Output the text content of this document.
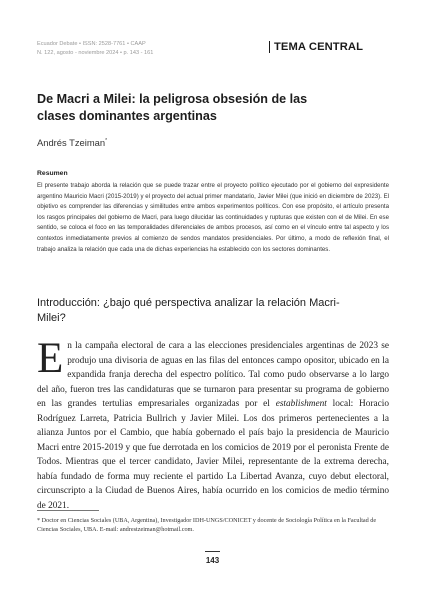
Ecuador Debate • ISSN: 2528-7761 • CAAP
N. 122, agosto - noviembre 2024 • p. 143 - 161	TEMA CENTRAL
De Macri a Milei: la peligrosa obsesión de las clases dominantes argentinas
Andrés Tzeiman*
Resumen
El presente trabajo aborda la relación que se puede trazar entre el proyecto político ejecutado por el gobierno del expresidente argentino Mauricio Macri (2015-2019) y el proyecto del actual primer mandatario, Javier Milei (que inició en diciembre de 2023). El objetivo es comprender las diferencias y similitudes entre ambos experimentos políticos. Con ese propósito, el artículo presenta los rasgos principales del gobierno de Macri, para luego dilucidar las continuidades y rupturas que existen con el de Milei. En ese sentido, se coloca el foco en las temporalidades diferenciales de ambos procesos, así como en el vínculo entre tal aspecto y los contextos inmediatamente previos al comienzo de sendos mandatos presidenciales. Por último, a modo de reflexión final, el trabajo analiza la relación que cada una de dichas experiencias ha establecido con los sectores dominantes.
Introducción: ¿bajo qué perspectiva analizar la relación Macri-Milei?
En la campaña electoral de cara a las elecciones presidenciales argentinas de 2023 se produjo una divisoria de aguas en las filas del entonces campo opositor, ubicado en la expandida franja derecha del espectro político. Tal como pudo observarse a lo largo del año, fueron tres las candidaturas que se turnaron para presentar su programa de gobierno en las grandes tertulias empresariales organizadas por el establishment local: Horacio Rodríguez Larreta, Patricia Bullrich y Javier Milei. Los dos primeros pertenecientes a la alianza Juntos por el Cambio, que había gobernado el país bajo la presidencia de Mauricio Macri entre 2015-2019 y que fue derrotada en los comicios de 2019 por el peronista Frente de Todos. Mientras que el tercer candidato, Javier Milei, representante de la extrema derecha, había fundado de forma muy reciente el partido La Libertad Avanza, cuyo debut electoral, circunscripto a la Ciudad de Buenos Aires, había ocurrido en los comicios de medio término de 2021.
* Doctor en Ciencias Sociales (UBA, Argentina), Investigador IDH-UNGS/CONICET y docente de Sociología Política en la Facultad de Ciencias Sociales, UBA. E-mail: andrestzeiman@hotmail.com.
143
